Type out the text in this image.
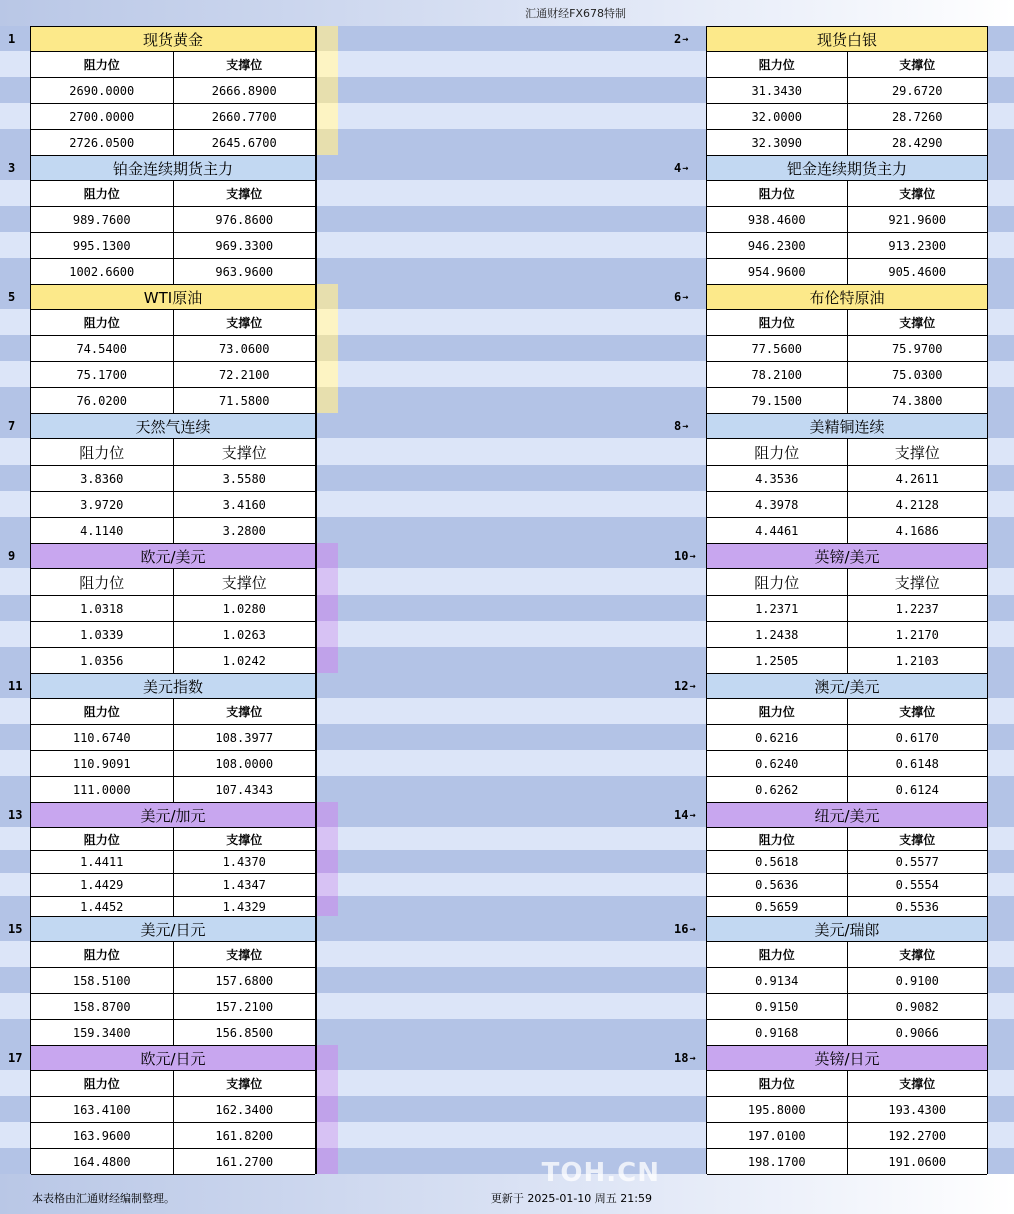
汇通财经FX678特制
1	现货黄金
阻力位	支撑位
2690.0000	2666.8900
2700.0000	2660.7700
2726.0500	2645.6700
2 →	现货白银
阻力位	支撑位
31.3430	29.6720
32.0000	28.7260
32.3090	28.4290
3	铂金连续 期货主力
阻力位	支撑位
989.7600	976.8600
995.1300	969.3300
1002.6600	963.9600
4 →	钯金连续 期货主力
阻力位	支撑位
938.4600	921.9600
946.2300	913.2300
954.9600	905.4600
5	WTI原油
阻力位	支撑位
74.5400	73.0600
75.1700	72.2100
76.0200	71.5800
6 →	布伦特原油
阻力位	支撑位
77.5600	75.9700
78.2100	75.0300
79.1500	74.3800
7	天然气连续
阻力位	支撑位
3.8360	3.5580
3.9720	3.4160
4.1140	3.2800
8 →	美精铜连续
阻力位	支撑位
4.3536	4.2611
4.3978	4.2128
4.4461	4.1686
9	欧元/美元
阻力位	支撑位
1.0318	1.0280
1.0339	1.0263
1.0356	1.0242
10 →	英镑/美元
阻力位	支撑位
1.2371	1.2237
1.2438	1.2170
1.2505	1.2103
11	美元指数
阻力位	支撑位
110.6740	108.3977
110.9091	108.0000
111.0000	107.4343
12 →	澳元/美元
阻力位	支撑位
0.6216	0.6170
0.6240	0.6148
0.6262	0.6124
13	美元/加元
阻力位	支撑位
1.4411	1.4370
1.4429	1.4347
1.4452	1.4329
14 →	纽元/美元
阻力位	支撑位
0.5618	0.5577
0.5636	0.5554
0.5659	0.5536
15	美元/日元
阻力位	支撑位
158.5100	157.6800
158.8700	157.2100
159.3400	156.8500
16 →	美元/瑞郎
阻力位	支撑位
0.9134	0.9100
0.9150	0.9082
0.9168	0.9066
17	欧元/日元
阻力位	支撑位
163.4100	162.3400
163.9600	161.8200
164.4800	161.2700
18 →	英镑/日元
阻力位	支撑位
195.8000	193.4300
197.0100	192.2700
198.1700	191.0600
本表格由汇通财经编制整理。	更新于 2025-01-10 周五 21:59
TOH.CN
